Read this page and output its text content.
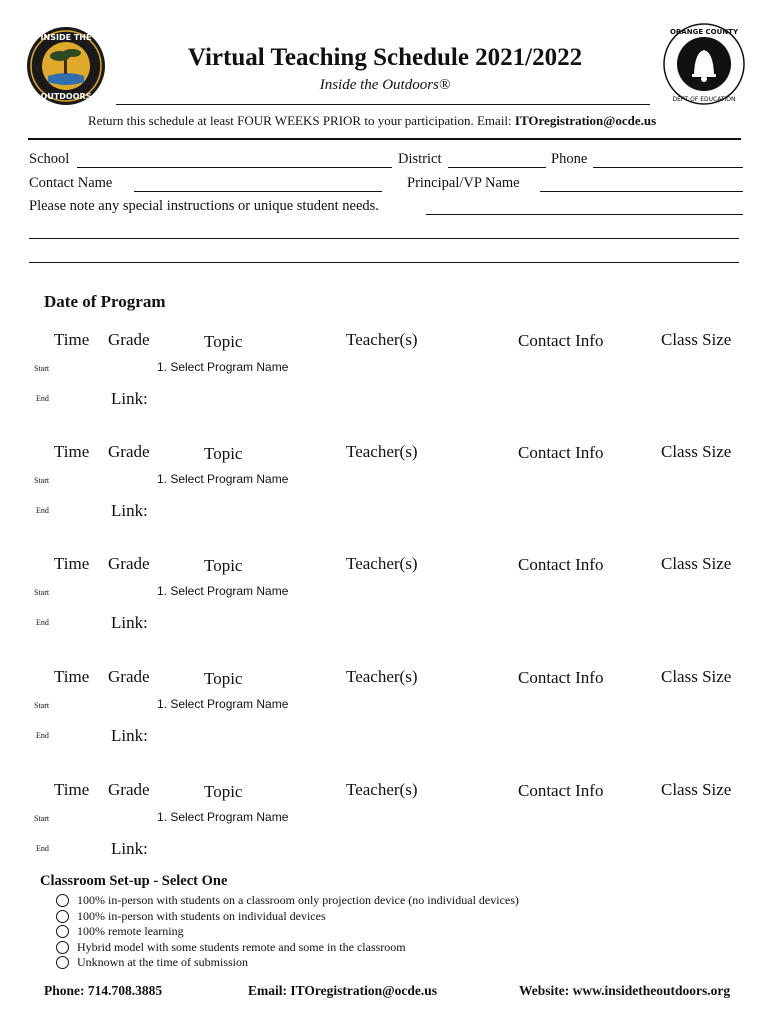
INSIDE THE
OUTDOORS
ORANGE COUNTY
DEPT OF EDUCATION
Virtual Teaching Schedule 2021/2022
Inside the Outdoors®
Return this schedule at least FOUR WEEKS PRIOR to your participation. Email: ITOregistration@ocde.us
School	District	Phone
Contact Name	Principal/VP Name
Please note any special instructions or unique student needs.
Date of Program
Time Grade	Topic	Teacher(s)	Contact Info	Class Size
Start	1. Select Program Name
End	Link:
Time Grade	Topic	Teacher(s)	Contact Info	Class Size
Start	1. Select Program Name
End	Link:
Time Grade	Topic	Teacher(s)	Contact Info	Class Size
Start	1. Select Program Name
End	Link:
Time Grade	Topic	Teacher(s)	Contact Info	Class Size
Start	1. Select Program Name
End	Link:
Time Grade	Topic	Teacher(s)	Contact Info	Class Size
Start	1. Select Program Name
End	Link:
Classroom Set-up - Select One
100% in-person with students on a classroom only projection device (no individual devices)
100% in-person with students on individual devices
100% remote learning
Hybrid model with some students remote and some in the classroom
Unknown at the time of submission
Phone: 714.708.3885	Email: ITOregistration@ocde.us	Website: www.insidetheoutdoors.org
